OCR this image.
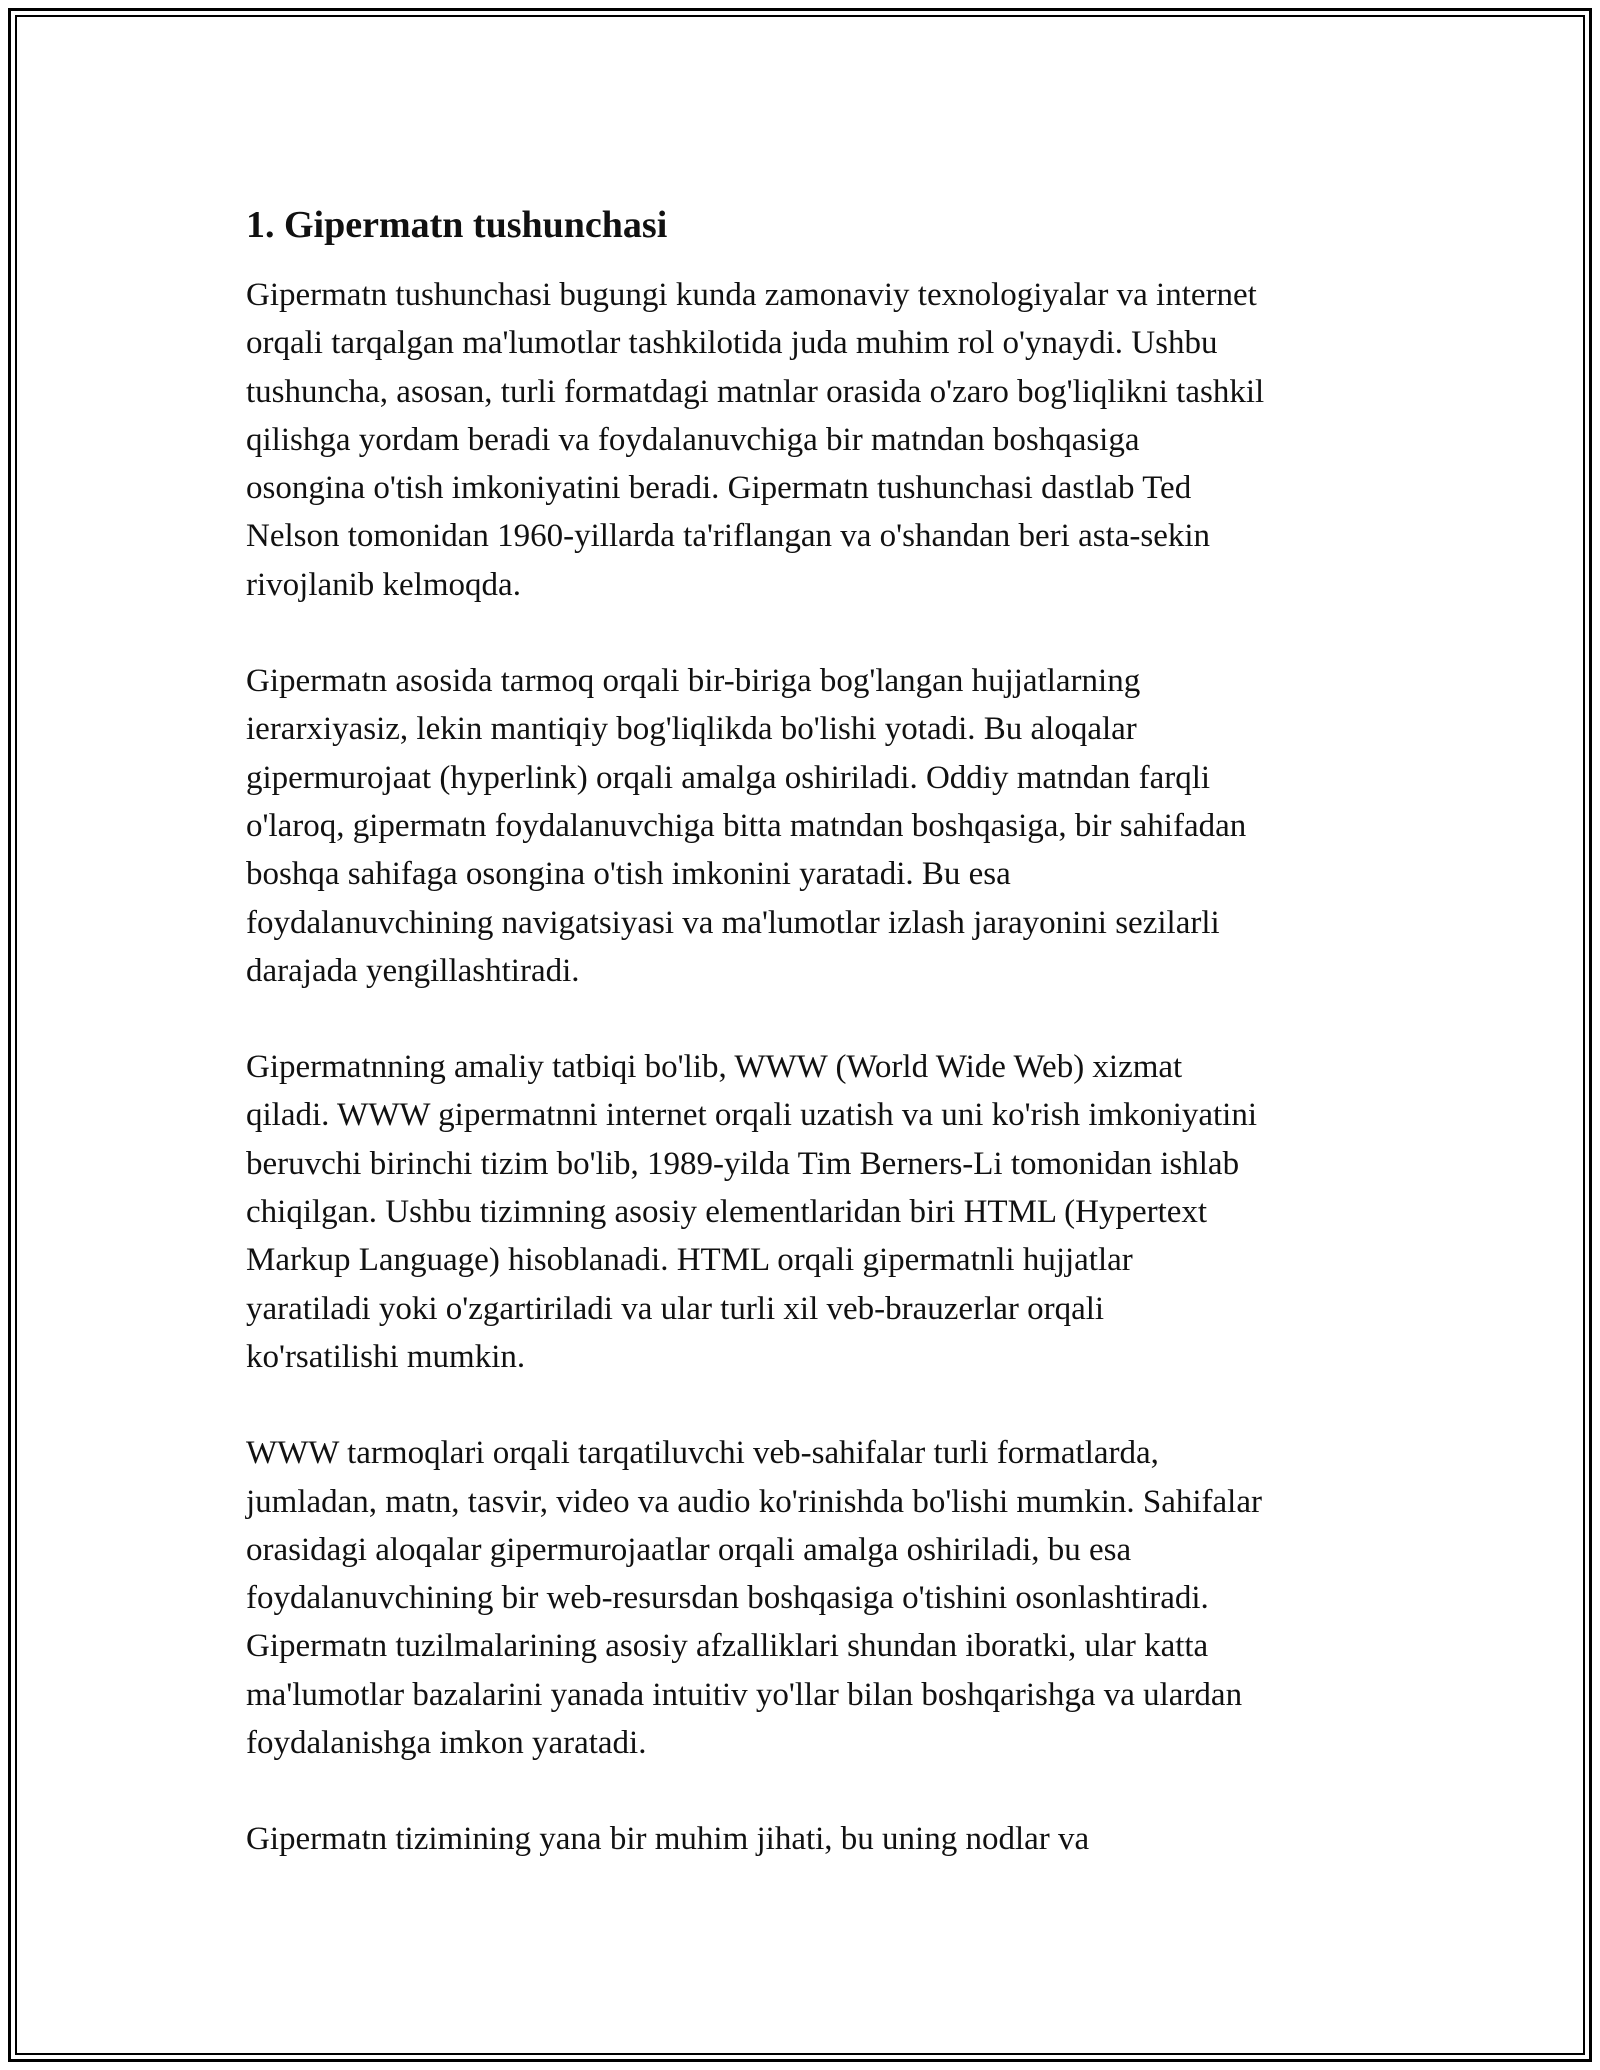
1. Gipermatn tushunchasi
Gipermatn tushunchasi bugungi kunda zamonaviy texnologiyalar va internet
orqali tarqalgan ma'lumotlar tashkilotida juda muhim rol o'ynaydi. Ushbu
tushuncha, asosan, turli formatdagi matnlar orasida o'zaro bog'liqlikni tashkil
qilishga yordam beradi va foydalanuvchiga bir matndan boshqasiga
osongina o'tish imkoniyatini beradi. Gipermatn tushunchasi dastlab Ted
Nelson tomonidan 1960-yillarda ta'riflangan va o'shandan beri asta-sekin
rivojlanib kelmoqda.
Gipermatn asosida tarmoq orqali bir-biriga bog'langan hujjatlarning
ierarxiyasiz, lekin mantiqiy bog'liqlikda bo'lishi yotadi. Bu aloqalar
gipermurojaat (hyperlink) orqali amalga oshiriladi. Oddiy matndan farqli
o'laroq, gipermatn foydalanuvchiga bitta matndan boshqasiga, bir sahifadan
boshqa sahifaga osongina o'tish imkonini yaratadi. Bu esa
foydalanuvchining navigatsiyasi va ma'lumotlar izlash jarayonini sezilarli
darajada yengillashtiradi.
Gipermatnning amaliy tatbiqi bo'lib, WWW (World Wide Web) xizmat
qiladi. WWW gipermatnni internet orqali uzatish va uni ko'rish imkoniyatini
beruvchi birinchi tizim bo'lib, 1989-yilda Tim Berners-Li tomonidan ishlab
chiqilgan. Ushbu tizimning asosiy elementlaridan biri HTML (Hypertext
Markup Language) hisoblanadi. HTML orqali gipermatnli hujjatlar
yaratiladi yoki o'zgartiriladi va ular turli xil veb-brauzerlar orqali
ko'rsatilishi mumkin.
WWW tarmoqlari orqali tarqatiluvchi veb-sahifalar turli formatlarda,
jumladan, matn, tasvir, video va audio ko'rinishda bo'lishi mumkin. Sahifalar
orasidagi aloqalar gipermurojaatlar orqali amalga oshiriladi, bu esa
foydalanuvchining bir web-resursdan boshqasiga o'tishini osonlashtiradi.
Gipermatn tuzilmalarining asosiy afzalliklari shundan iboratki, ular katta
ma'lumotlar bazalarini yanada intuitiv yo'llar bilan boshqarishga va ulardan
foydalanishga imkon yaratadi.
Gipermatn tizimining yana bir muhim jihati, bu uning nodlar va
